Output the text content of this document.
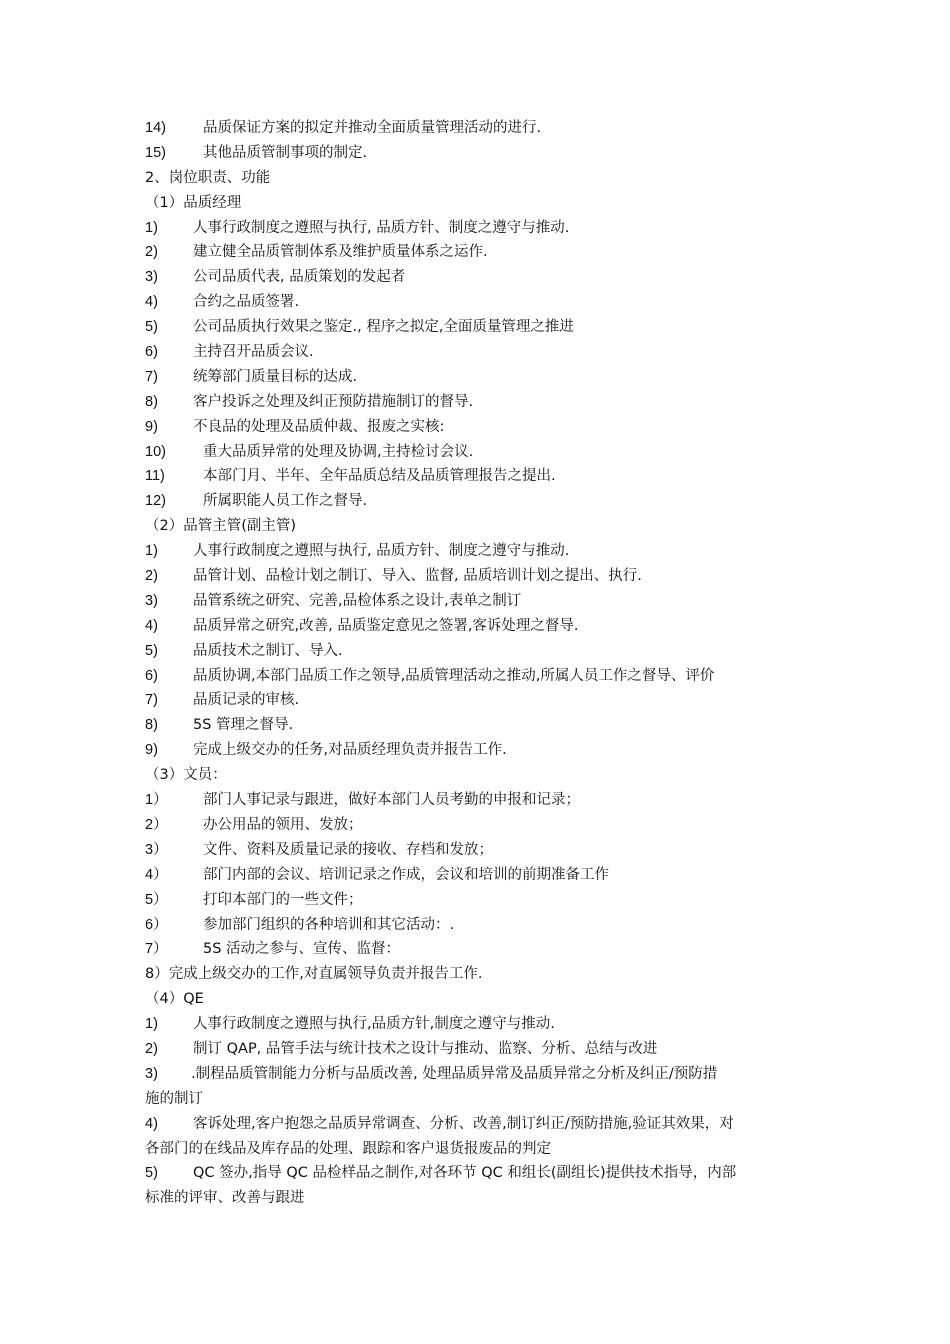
14)	品质保证方案的拟定并推动全面质量管理活动的进行.
15)	其他品质管制事项的制定.
2、岗位职责、功能
（1）品质经理
1) 人事行政制度之遵照与执行, 品质方针、制度之遵守与推动.
2) 建立健全品质管制体系及维护质量体系之运作.
3) 公司品质代表, 品质策划的发起者
4) 合约之品质签署.
5) 公司品质执行效果之鉴定., 程序之拟定,全面质量管理之推进
6) 主持召开品质会议.
7) 统筹部门质量目标的达成.
8) 客户投诉之处理及纠正预防措施制订的督导.
9) 不良品的处理及品质仲裁、报废之实核:
10)	重大品质异常的处理及协调,主持检讨会议.
11)	本部门月、半年、全年品质总结及品质管理报告之提出.
12)	所属职能人员工作之督导.
（2）品管主管(副主管)
1) 人事行政制度之遵照与执行, 品质方针、制度之遵守与推动.
2) 品管计划、品检计划之制订、导入、监督, 品质培训计划之提出、执行.
3) 品管系统之研究、完善,品检体系之设计,表单之制订
4) 品质异常之研究,改善, 品质鉴定意见之签署,客诉处理之督导.
5) 品质技术之制订、导入.
6) 品质协调,本部门品质工作之领导,品质管理活动之推动,所属人员工作之督导、评价
7) 品质记录的审核.
8) 5S 管理之督导.
9) 完成上级交办的任务,对品质经理负责并报告工作.
（3）文员：
1） 部门人事记录与跟进，做好本部门人员考勤的申报和记录；
2） 办公用品的领用、发放；
3） 文件、资料及质量记录的接收、存档和发放；
4） 部门内部的会议、培训记录之作成，会议和培训的前期准备工作
5） 打印本部门的一些文件；
6） 参加部门组织的各种培训和其它活动：.
7） 5S 活动之参与、宣传、监督：
8）完成上级交办的工作,对直属领导负责并报告工作.
（4）QE
1) 人事行政制度之遵照与执行,品质方针,制度之遵守与推动.
2) 制订 QAP, 品管手法与统计技术之设计与推动、监察、分析、总结与改进
3) .制程品质管制能力分析与品质改善, 处理品质异常及品质异常之分析及纠正/预防措
施的制订
4) 客诉处理,客户抱怨之品质异常调查、分析、改善,制订纠正/预防措施,验证其效果，对
各部门的在线品及库存品的处理、跟踪和客户退货报废品的判定
5) QC 签办,指导 QC 品检样品之制作,对各环节 QC 和组长(副组长)提供技术指导，内部
标准的评审、改善与跟进
